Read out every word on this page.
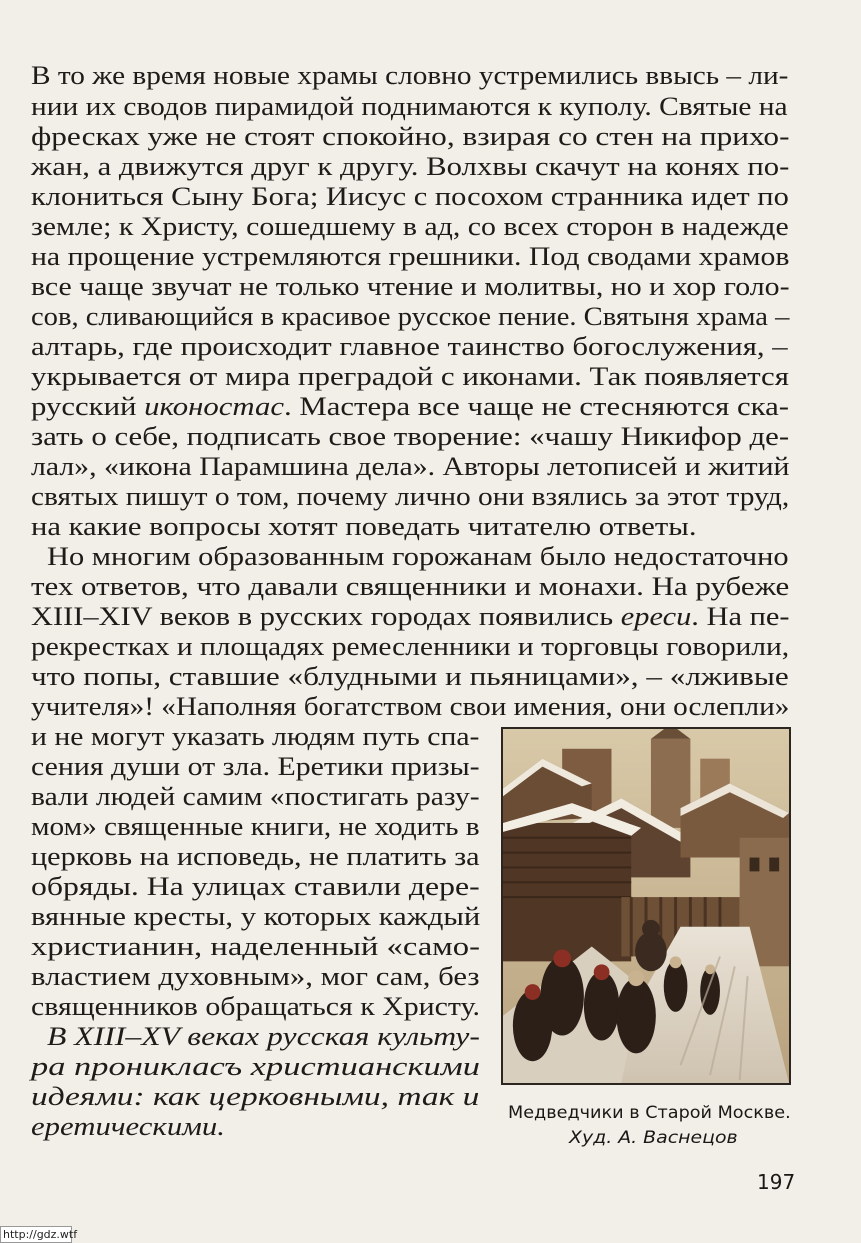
В то же время новые храмы словно устремились ввысь – ли-
нии их сводов пирамидой поднимаются к куполу. Святые на
фресках уже не стоят спокойно, взирая со стен на прихо-
жан, а движутся друг к другу. Волхвы скачут на конях по-
клониться Сыну Бога; Иисус с посохом странника идет по
земле; к Христу, сошедшему в ад, со всех сторон в надежде
на прощение устремляются грешники. Под сводами храмов
все чаще звучат не только чтение и молитвы, но и хор голо-
сов, сливающийся в красивое русское пение. Святыня храма –
алтарь, где происходит главное таинство богослужения, –
укрывается от мира преградой с иконами. Так появляется
русский иконостас. Мастера все чаще не стесняются ска-
зать о себе, подписать свое творение: «чашу Никифор де-
лал», «икона Парамшина дела». Авторы летописей и житий
святых пишут о том, почему лично они взялись за этот труд,
на какие вопросы хотят поведать читателю ответы.
Но многим образованным горожанам было недостаточно
тех ответов, что давали священники и монахи. На рубеже
XIII–XIV веков в русских городах появились ереси. На пе-
рекрестках и площадях ремесленники и торговцы говорили,
что попы, ставшие «блудными и пьяницами», – «лживые
учителя»! «Наполняя богатством свои имения, они ослепли»
и не могут указать людям путь спа-
сения души от зла. Еретики призы-
вали людей самим «постигать разу-
мом» священные книги, не ходить в
церковь на исповедь, не платить за
обряды. На улицах ставили дере-
вянные кресты, у которых каждый
христианин, наделенный «само-
властием духовным», мог сам, без
священников обращаться к Христу.
В XIII–XV веках русская культу-
ра проникласъ христианскими
идеями: как церковными, так и
еретическими.	Медведчики в Старой Москве.
Худ. А. Васнецов
197
http://gdz.wtf
